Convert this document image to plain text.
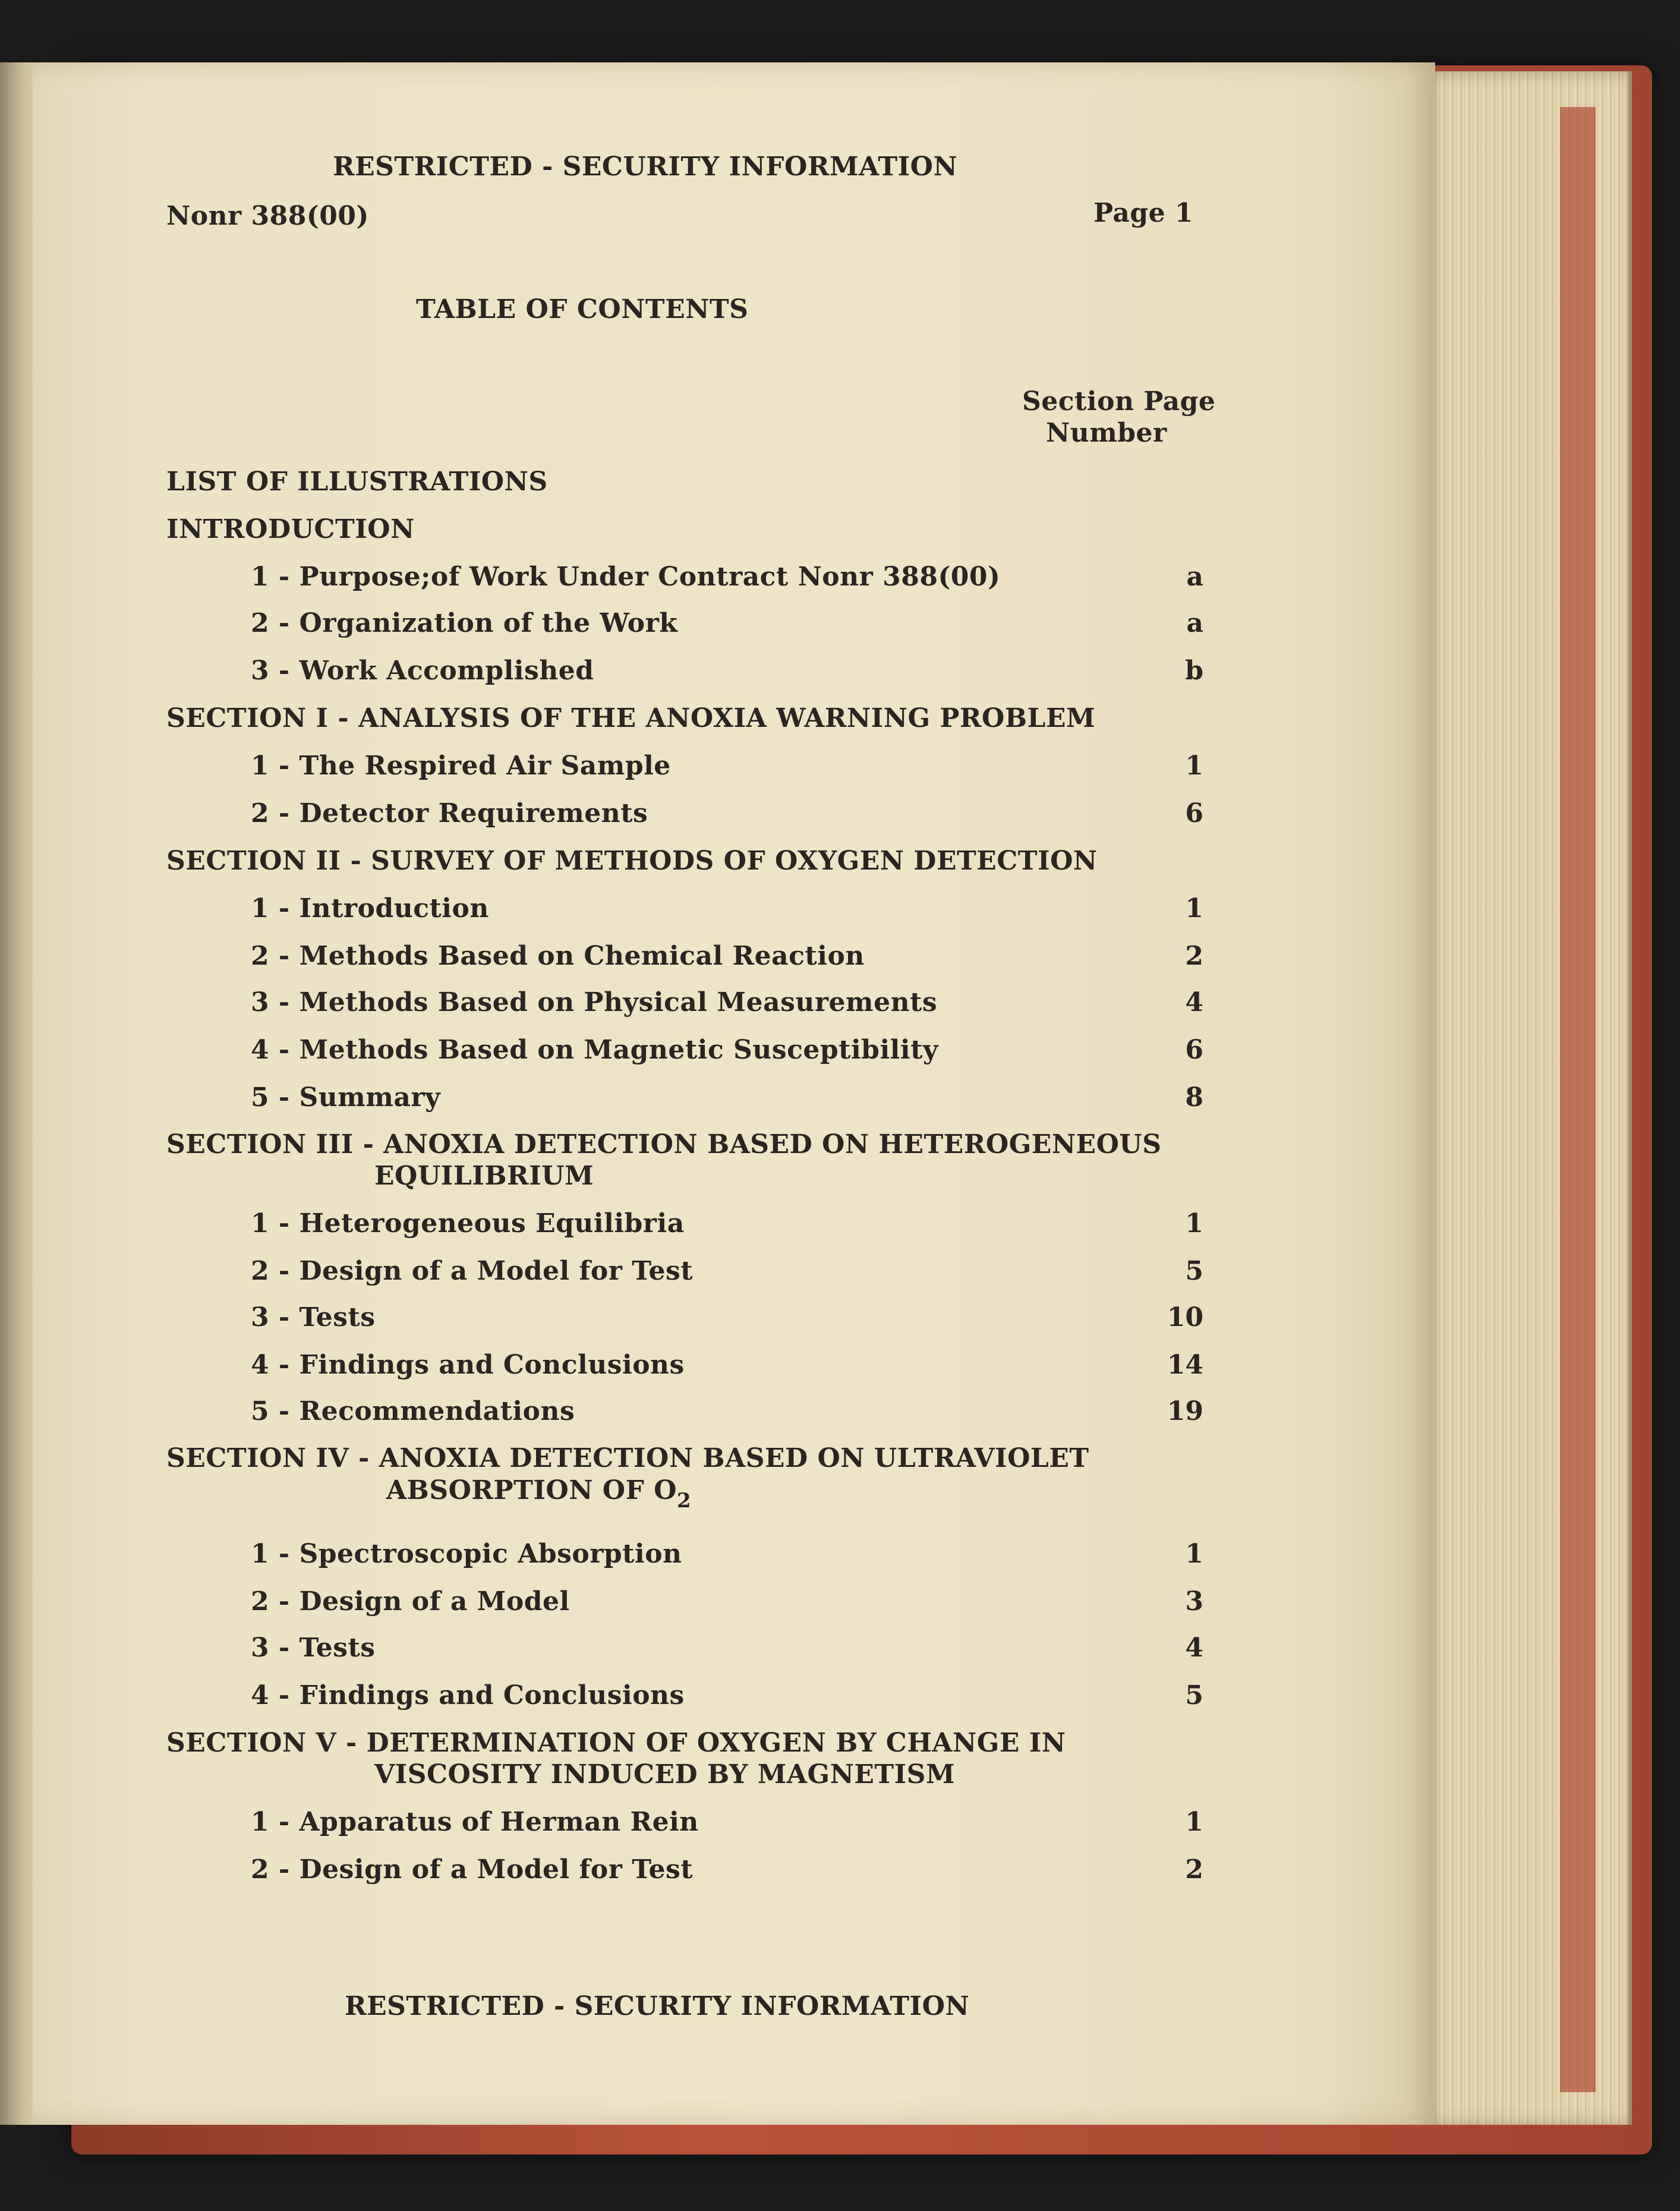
RESTRICTED - SECURITY INFORMATION
Nonr 388(00)	Page 1
TABLE OF CONTENTS
Section Page
Number
LIST OF ILLUSTRATIONS
INTRODUCTION
1 - Purpose;of Work Under Contract Nonr 388(00)	a
2 - Organization of the Work	a
3 - Work Accomplished	b
SECTION I - ANALYSIS OF THE ANOXIA WARNING PROBLEM
1 - The Respired Air Sample	1
2 - Detector Requirements	6
SECTION II - SURVEY OF METHODS OF OXYGEN DETECTION
1 - Introduction	1
2 - Methods Based on Chemical Reaction	2
3 - Methods Based on Physical Measurements	4
4 - Methods Based on Magnetic Susceptibility	6
5 - Summary	8
SECTION III - ANOXIA DETECTION BASED ON HETEROGENEOUS
EQUILIBRIUM
1 - Heterogeneous Equilibria	1
2 - Design of a Model for Test	5
3 - Tests	10
4 - Findings and Conclusions	14
5 - Recommendations	19
SECTION IV - ANOXIA DETECTION BASED ON ULTRAVIOLET
ABSORPTION OF $O_2$
1 - Spectroscopic Absorption	1
2 - Design of a Model	3
3 - Tests	4
4 - Findings and Conclusions	5
SECTION V - DETERMINATION OF OXYGEN BY CHANGE IN
VISCOSITY INDUCED BY MAGNETISM
1 - Apparatus of Herman Rein	1
2 - Design of a Model for Test	2
RESTRICTED - SECURITY INFORMATION
